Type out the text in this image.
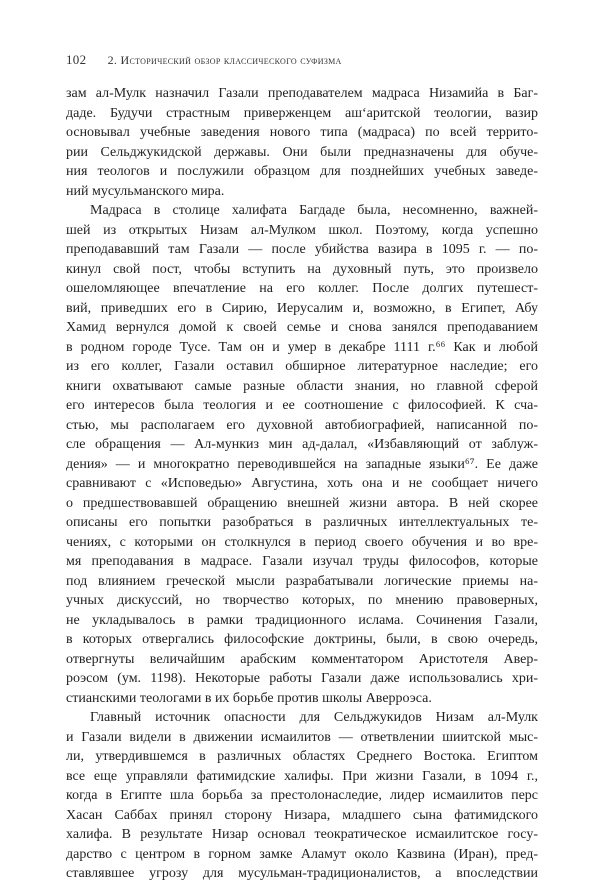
102 2. Исторический обзор классического суфизма
зам ал-Мулк назначил Газали преподавателем мадраса Низамийа в Баг-
даде. Будучи страстным приверженцем аш‘аритской теологии, вазир
основывал учебные заведения нового типа (мадраса) по всей террито-
рии Сельджукидской державы. Они были предназначены для обуче-
ния теологов и послужили образцом для позднейших учебных заведе-
ний мусульманского мира.
Мадраса в столице халифата Багдаде была, несомненно, важней-
шей из открытых Низам ал-Мулком школ. Поэтому, когда успешно
преподававший там Газали — после убийства вазира в 1095 г. — по-
кинул свой пост, чтобы вступить на духовный путь, это произвело
ошеломляющее впечатление на его коллег. После долгих путешест-
вий, приведших его в Сирию, Иерусалим и, возможно, в Египет, Абу
Хамид вернулся домой к своей семье и снова занялся преподаванием
в родном городе Тусе. Там он и умер в декабре 1111 г.⁶⁶ Как и любой
из его коллег, Газали оставил обширное литературное наследие; его
книги охватывают самые разные области знания, но главной сферой
его интересов была теология и ее соотношение с философией. К сча-
стью, мы располагаем его духовной автобиографией, написанной по-
сле обращения — Ал-мункиз мин ад-далал, «Избавляющий от заблуж-
дения» — и многократно переводившейся на западные языки⁶⁷. Ее даже
сравнивают с «Исповедью» Августина, хоть она и не сообщает ничего
о предшествовавшей обращению внешней жизни автора. В ней скорее
описаны его попытки разобраться в различных интеллектуальных те-
чениях, с которыми он столкнулся в период своего обучения и во вре-
мя преподавания в мадрасе. Газали изучал труды философов, которые
под влиянием греческой мысли разрабатывали логические приемы на-
учных дискуссий, но творчество которых, по мнению правоверных,
не укладывалось в рамки традиционного ислама. Сочинения Газали,
в которых отвергались философские доктрины, были, в свою очередь,
отвергнуты величайшим арабским комментатором Аристотеля Авер-
роэсом (ум. 1198). Некоторые работы Газали даже использовались хри-
стианскими теологами в их борьбе против школы Аверроэса.
Главный источник опасности для Сельджукидов Низам ал-Мулк
и Газали видели в движении исмаилитов — ответвлении шиитской мыс-
ли, утвердившемся в различных областях Среднего Востока. Египтом
все еще управляли фатимидские халифы. При жизни Газали, в 1094 г.,
когда в Египте шла борьба за престолонаследие, лидер исмаилитов перс
Хасан Саббах принял сторону Низара, младшего сына фатимидского
халифа. В результате Низар основал теократическое исмаилитское госу-
дарство с центром в горном замке Аламут около Казвина (Иран), пред-
ставлявшее угрозу для мусульман-традиционалистов, а впоследствии
